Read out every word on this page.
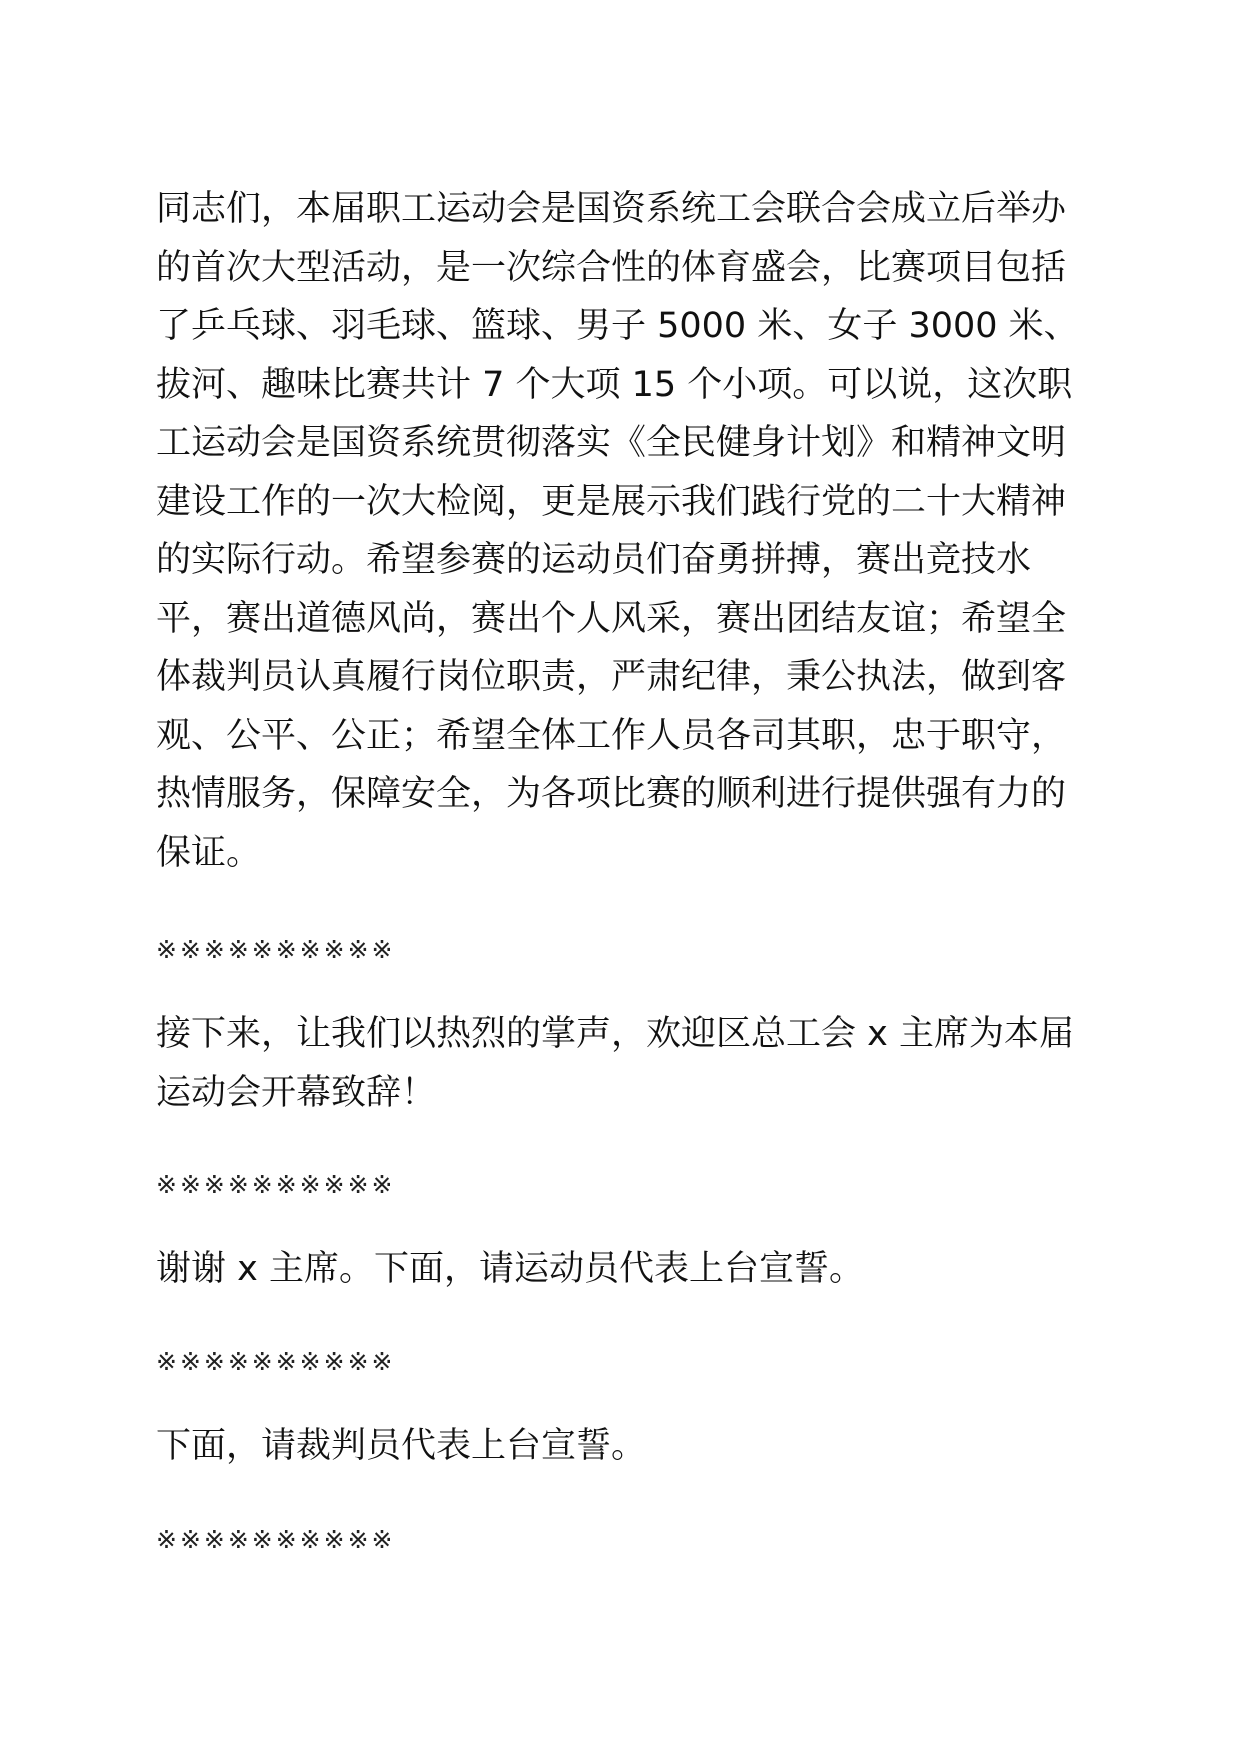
同志们，本届职工运动会是国资系统工会联合会成立后举办的首次大型活动，是一次综合性的体育盛会，比赛项目包括了乒乓球、羽毛球、篮球、男子 5000 米、女子 3000 米、拔河、趣味比赛共计 7 个大项 15 个小项。可以说，这次职工运动会是国资系统贯彻落实《全民健身计划》和精神文明建设工作的一次大检阅，更是展示我们践行党的二十大精神的实际行动。希望参赛的运动员们奋勇拼搏，赛出竞技水平，赛出道德风尚，赛出个人风采，赛出团结友谊；希望全体裁判员认真履行岗位职责，严肃纪律，秉公执法，做到客观、公平、公正；希望全体工作人员各司其职，忠于职守，热情服务，保障安全，为各项比赛的顺利进行提供强有力的保证。

※※※※※※※※※※

接下来，让我们以热烈的掌声，欢迎区总工会 x 主席为本届运动会开幕致辞！

※※※※※※※※※※

谢谢 x 主席。下面，请运动员代表上台宣誓。

※※※※※※※※※※

下面，请裁判员代表上台宣誓。

※※※※※※※※※※
